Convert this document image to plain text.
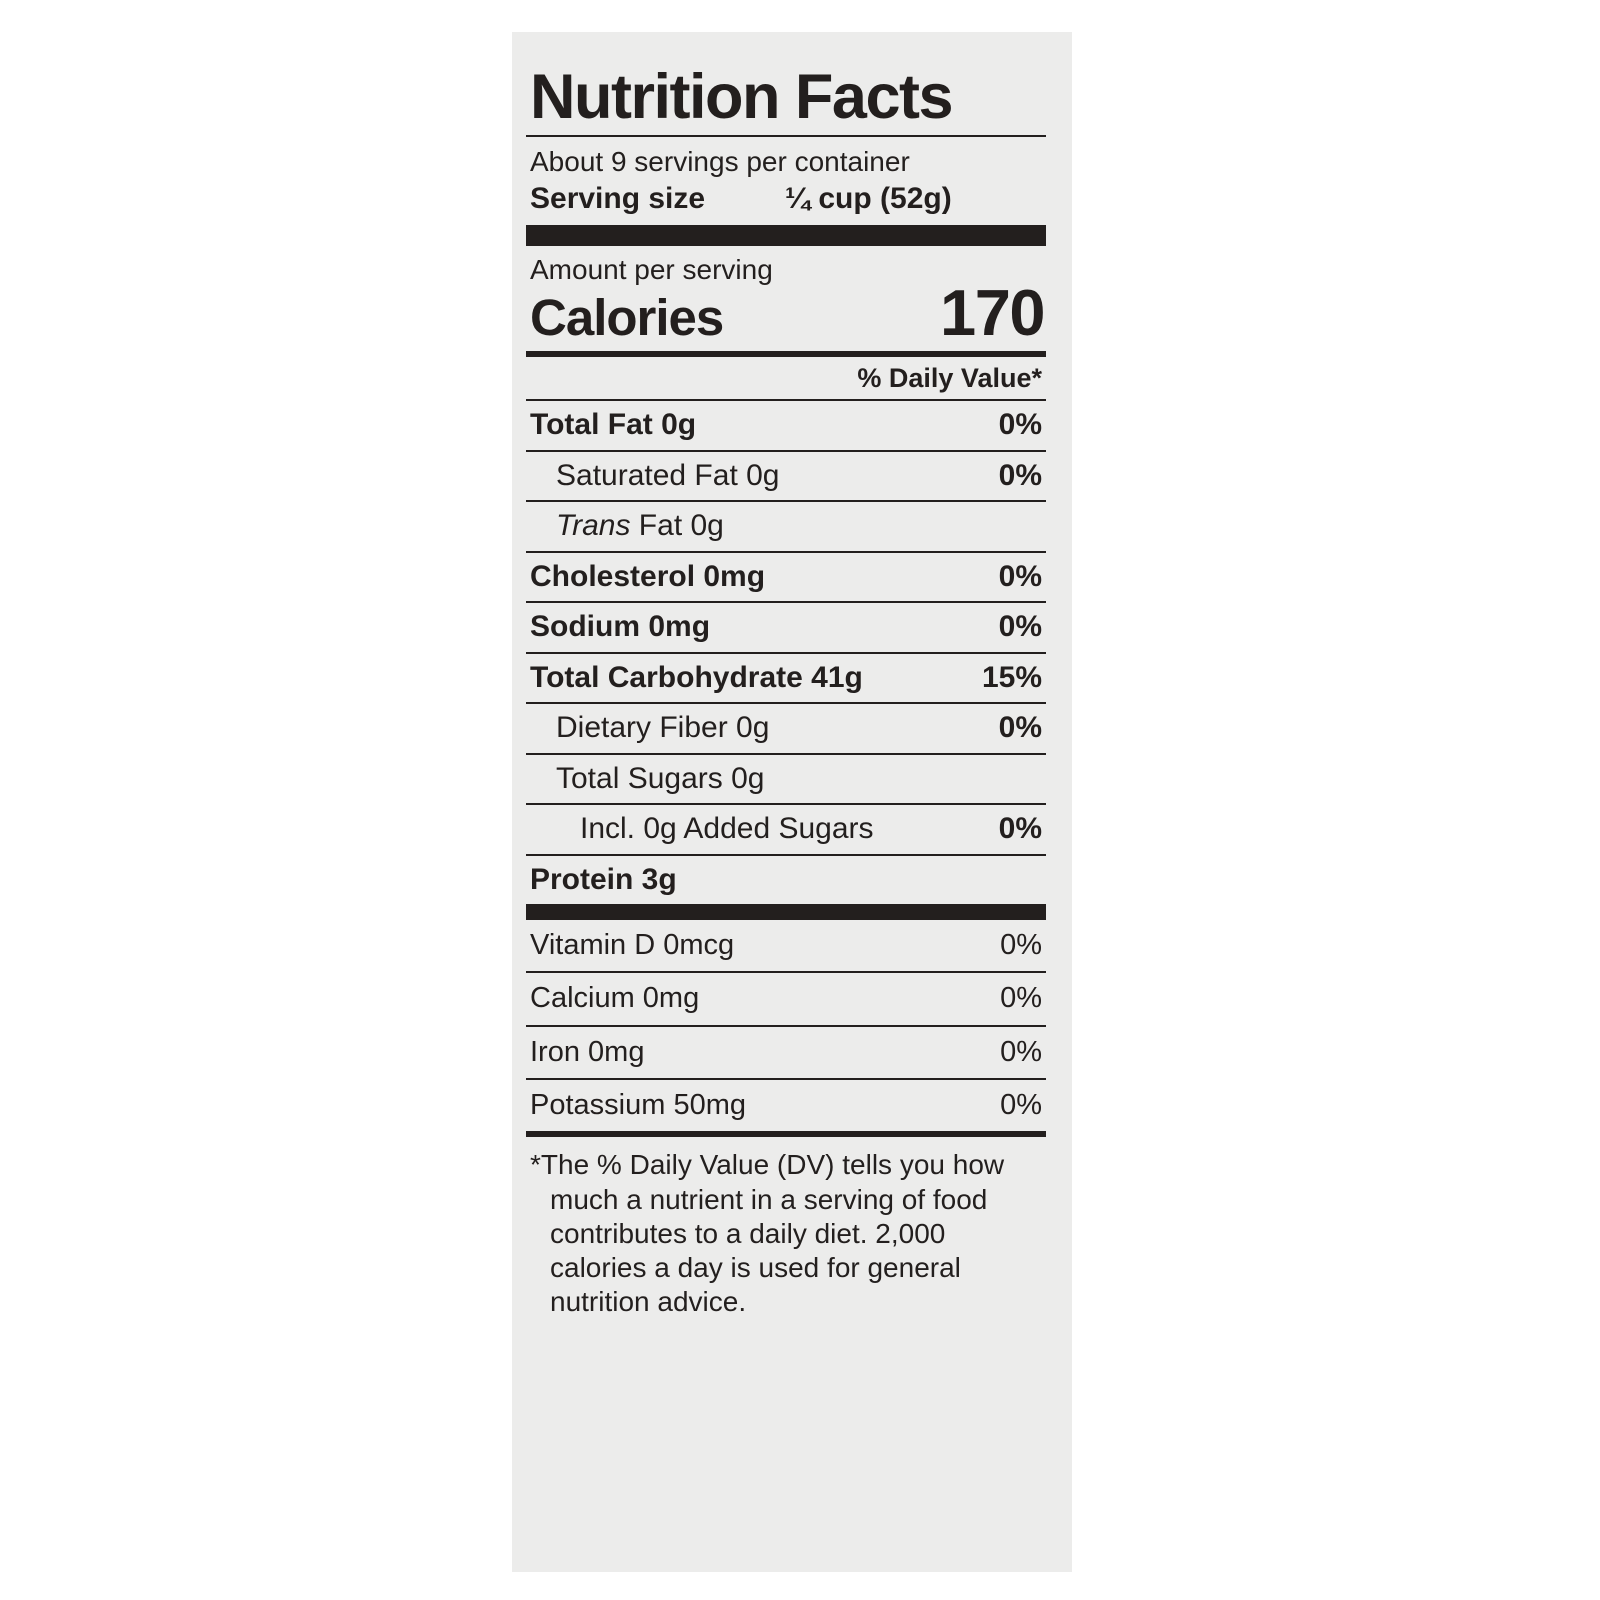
Nutrition Facts
About 9 servings per container
Serving size	¼ cup (52g)
Amount per serving
Calories	170
% Daily Value*
Total Fat 0g	0%
Saturated Fat 0g	0%
Trans Fat 0g
Cholesterol 0mg	0%
Sodium 0mg	0%
Total Carbohydrate 41g	15%
Dietary Fiber 0g	0%
Total Sugars 0g
Incl. 0g Added Sugars	0%
Protein 3g
Vitamin D 0mcg	0%
Calcium 0mg	0%
Iron 0mg	0%
Potassium 50mg	0%

*The % Daily Value (DV) tells you how much a nutrient in a serving of food contributes to a daily diet. 2,000 calories a day is used for general nutrition advice.
